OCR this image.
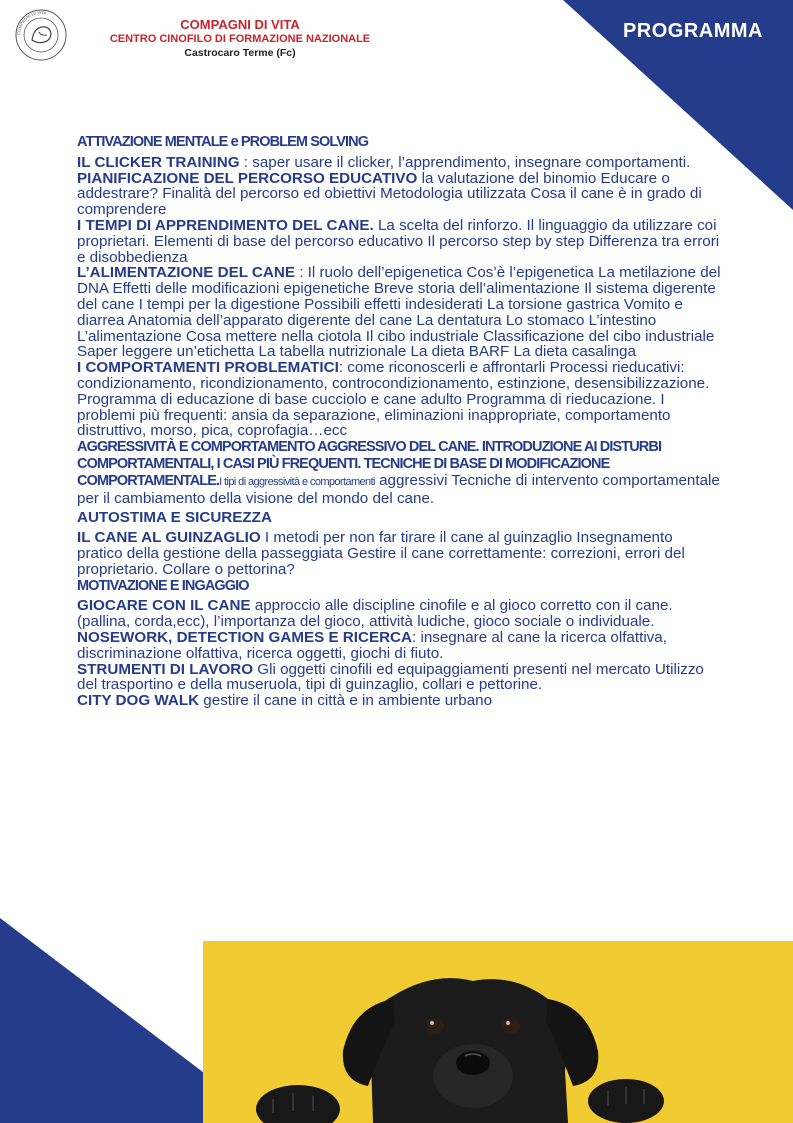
PROGRAMMA
COMPAGNI DI VITA
COMPAGNI DI VITA
CENTRO CINOFILO DI FORMAZIONE NAZIONALE
Castrocaro Terme (Fc)

ATTIVAZIONE MENTALE e PROBLEM SOLVING

IL CLICKER TRAINING : saper usare il clicker, l’apprendimento, insegnare comportamenti.

PIANIFICAZIONE DEL PERCORSO EDUCATIVO la valutazione del binomio Educare o addestrare? Finalità del percorso ed obiettivi Metodologia utilizzata Cosa il cane è in grado di comprendere

I TEMPI DI APPRENDIMENTO DEL CANE. La scelta del rinforzo. Il linguaggio da utilizzare coi proprietari. Elementi di base del percorso educativo Il percorso step by step Differenza tra errori e disobbedienza

L’ALIMENTAZIONE DEL CANE : Il ruolo dell’epigenetica Cos’è l’epigenetica La metilazione del DNA Effetti delle modificazioni epigenetiche Breve storia dell’alimentazione Il sistema digerente del cane I tempi per la digestione Possibili effetti indesiderati La torsione gastrica Vomito e diarrea Anatomia dell’apparato digerente del cane La dentatura Lo stomaco L’intestino L’alimentazione Cosa mettere nella ciotola Il cibo industriale Classificazione del cibo industriale Saper leggere un’etichetta La tabella nutrizionale La dieta BARF La dieta casalinga

I COMPORTAMENTI PROBLEMATICI: come riconoscerli e affrontarli Processi rieducativi: condizionamento, ricondizionamento, controcondizionamento, estinzione, desensibilizzazione. Programma di educazione di base cucciolo e cane adulto Programma di rieducazione. I problemi più frequenti: ansia da separazione, eliminazioni inappropriate, comportamento distruttivo, morso, pica, coprofagia…ecc

AGGRESSIVITÀ E COMPORTAMENTO AGGRESSIVO DEL CANE. INTRODUZIONE AI DISTURBI COMPORTAMENTALI, I CASI PIÙ FREQUENTI. TECNICHE DI BASE DI MODIFICAZIONE COMPORTAMENTALE.I tipi di aggressività e comportamenti aggressivi Tecniche di intervento comportamentale per il cambiamento della visione del mondo del cane.

AUTOSTIMA E SICUREZZA

IL CANE AL GUINZAGLIO I metodi per non far tirare il cane al guinzaglio Insegnamento pratico della gestione della passeggiata Gestire il cane correttamente: correzioni, errori del proprietario. Collare o pettorina?

MOTIVAZIONE E INGAGGIO

GIOCARE CON IL CANE approccio alle discipline cinofile e al gioco corretto con il cane. (pallina, corda,ecc), l’importanza del gioco, attività ludiche, gioco sociale o individuale.

NOSEWORK, DETECTION GAMES E RICERCA: insegnare al cane la ricerca olfattiva, discriminazione olfattiva, ricerca oggetti, giochi di fiuto.

STRUMENTI DI LAVORO Gli oggetti cinofili ed equipaggiamenti presenti nel mercato Utilizzo del trasportino e della museruola, tipi di guinzaglio, collari e pettorine.

CITY DOG WALK gestire il cane in città e in ambiente urbano
